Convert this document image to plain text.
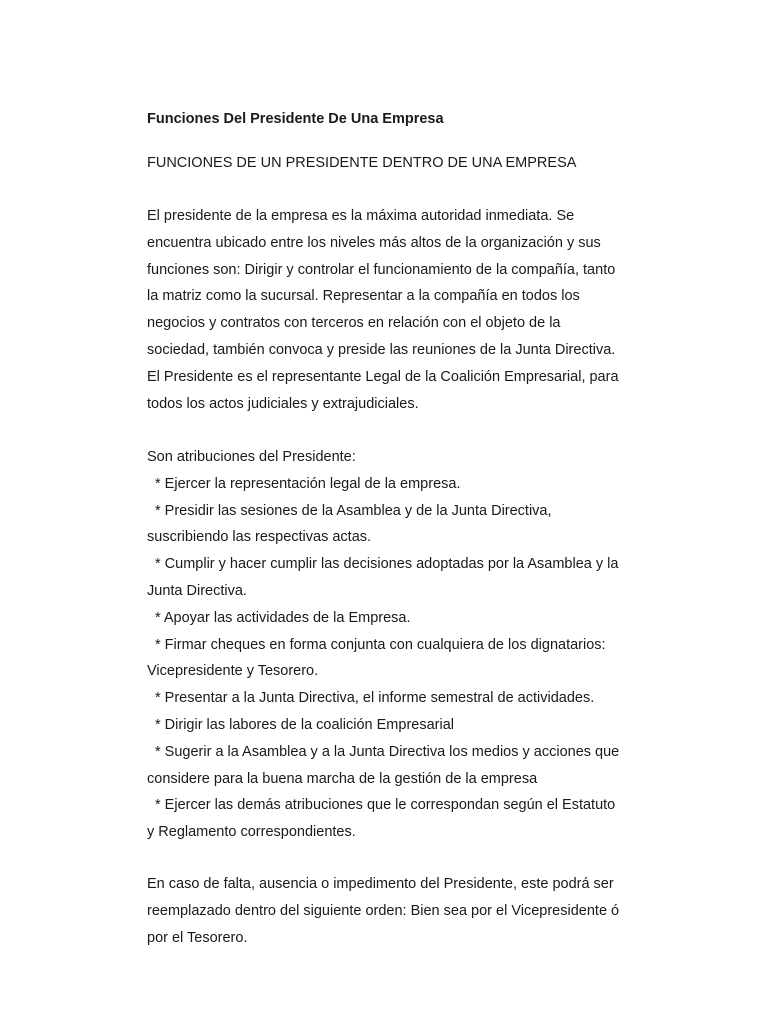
Funciones Del Presidente De Una Empresa
FUNCIONES DE UN PRESIDENTE DENTRO DE UNA EMPRESA

El presidente de la empresa es la máxima autoridad inmediata. Se
encuentra ubicado entre los niveles más altos de la organización y sus
funciones son: Dirigir y controlar el funcionamiento de la compañía, tanto
la matriz como la sucursal. Representar a la compañía en todos los
negocios y contratos con terceros en relación con el objeto de la
sociedad, también convoca y preside las reuniones de la Junta Directiva.
El Presidente es el representante Legal de la Coalición Empresarial, para
todos los actos judiciales y extrajudiciales.

Son atribuciones del Presidente:
* Ejercer la representación legal de la empresa.
* Presidir las sesiones de la Asamblea y de la Junta Directiva,
suscribiendo las respectivas actas.
* Cumplir y hacer cumplir las decisiones adoptadas por la Asamblea y la
Junta Directiva.
* Apoyar las actividades de la Empresa.
* Firmar cheques en forma conjunta con cualquiera de los dignatarios:
Vicepresidente y Tesorero.
* Presentar a la Junta Directiva, el informe semestral de actividades.
* Dirigir las labores de la coalición Empresarial
* Sugerir a la Asamblea y a la Junta Directiva los medios y acciones que
considere para la buena marcha de la gestión de la empresa
* Ejercer las demás atribuciones que le correspondan según el Estatuto
y Reglamento correspondientes.

En caso de falta, ausencia o impedimento del Presidente, este podrá ser
reemplazado dentro del siguiente orden: Bien sea por el Vicepresidente ó
por el Tesorero.
